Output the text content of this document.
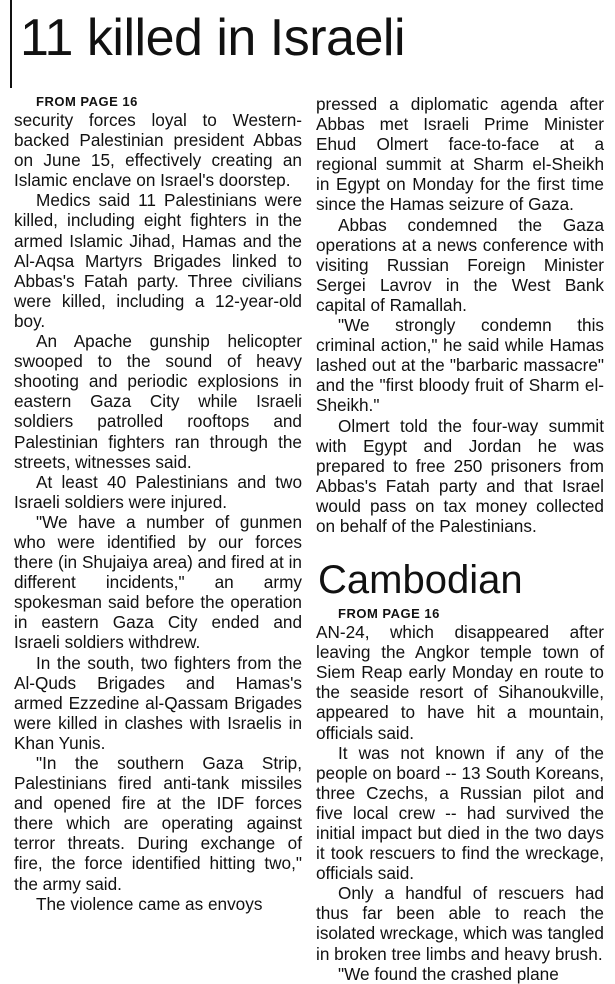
11 killed in Israeli

FROM PAGE 16

security forces loyal to Western-backed Palestinian president Abbas on June 15, effectively creating an Islamic enclave on Israel's doorstep.

Medics said 11 Palestinians were killed, including eight fighters in the armed Islamic Jihad, Hamas and the Al-Aqsa Martyrs Brigades linked to Abbas's Fatah party. Three civilians were killed, including a 12-year-old boy.

An Apache gunship helicopter swooped to the sound of heavy shooting and periodic explosions in eastern Gaza City while Israeli soldiers patrolled rooftops and Palestinian fighters ran through the streets, witnesses said.

At least 40 Palestinians and two Israeli soldiers were injured.

"We have a number of gunmen who were identified by our forces there (in Shujaiya area) and fired at in different incidents," an army spokesman said before the operation in eastern Gaza City ended and Israeli soldiers withdrew.

In the south, two fighters from the Al-Quds Brigades and Hamas's armed Ezzedine al-Qassam Brigades were killed in clashes with Israelis in Khan Yunis.

"In the southern Gaza Strip, Palestinians fired anti-tank missiles and opened fire at the IDF forces there which are operating against terror threats. During exchange of fire, the force identified hitting two," the army said.

The violence came as envoys

pressed a diplomatic agenda after Abbas met Israeli Prime Minister Ehud Olmert face-to-face at a regional summit at Sharm el-Sheikh in Egypt on Monday for the first time since the Hamas seizure of Gaza.

Abbas condemned the Gaza operations at a news conference with visiting Russian Foreign Minister Sergei Lavrov in the West Bank capital of Ramallah.

"We strongly condemn this criminal action," he said while Hamas lashed out at the "barbaric massacre" and the "first bloody fruit of Sharm el-Sheikh."

Olmert told the four-way summit with Egypt and Jordan he was prepared to free 250 prisoners from Abbas's Fatah party and that Israel would pass on tax money collected on behalf of the Palestinians.

Cambodian

FROM PAGE 16

AN-24, which disappeared after leaving the Angkor temple town of Siem Reap early Monday en route to the seaside resort of Sihanoukville, appeared to have hit a mountain, officials said.

It was not known if any of the people on board -- 13 South Koreans, three Czechs, a Russian pilot and five local crew -- had survived the initial impact but died in the two days it took rescuers to find the wreckage, officials said.

Only a handful of rescuers had thus far been able to reach the isolated wreckage, which was tangled in broken tree limbs and heavy brush.

"We found the crashed plane
